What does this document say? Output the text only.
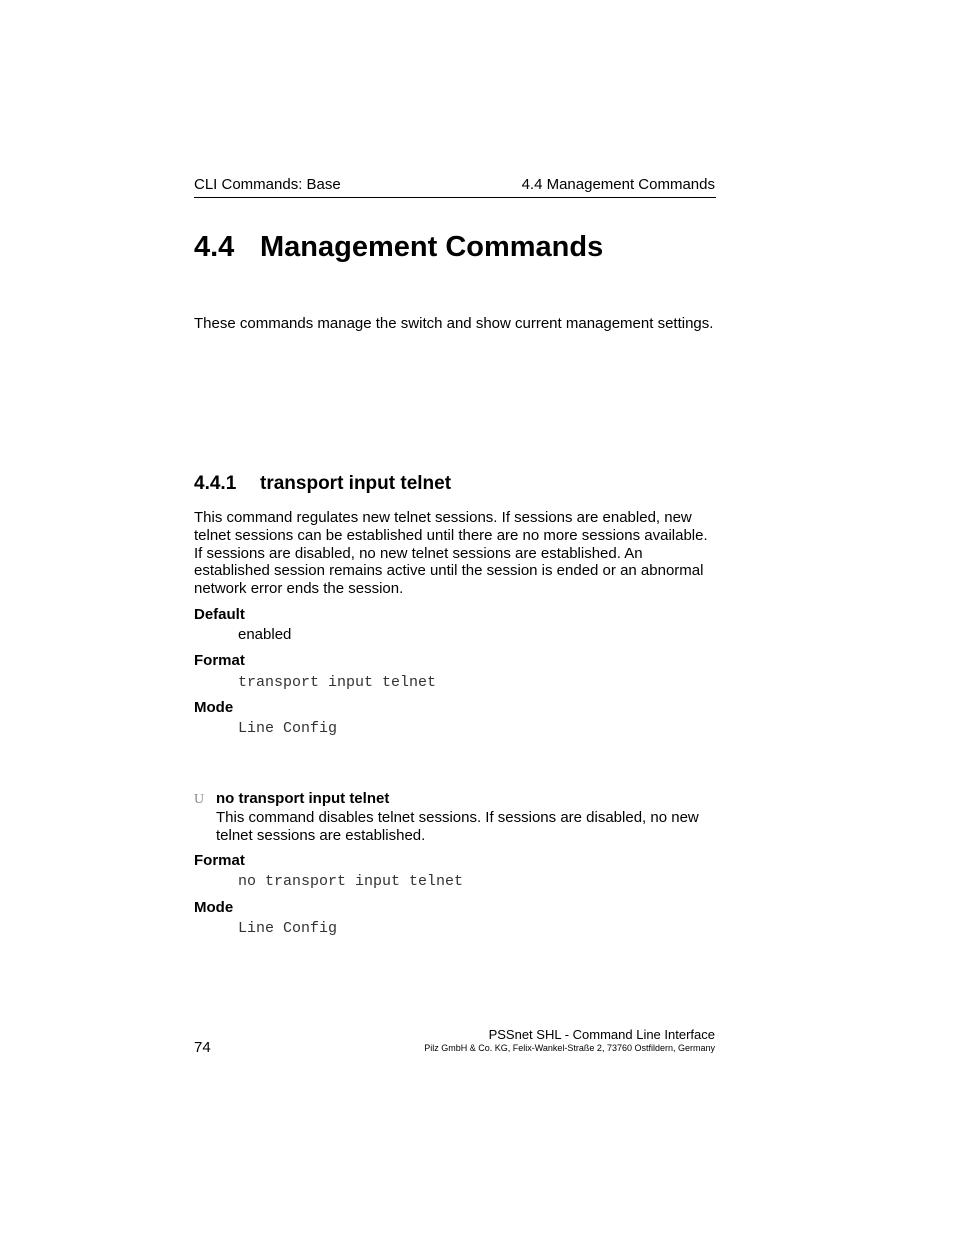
CLI Commands: Base	4.4 Management Commands
4.4 Management Commands

These commands manage the switch and show current management settings.

4.4.1 transport input telnet

This command regulates new telnet sessions. If sessions are enabled, new telnet sessions can be established until there are no more sessions available. If sessions are disabled, no new telnet sessions are established. An established session remains active until the session is ended or an abnormal network error ends the session.

Default
enabled
Format
transport input telnet
Mode
Line Config
U no transport input telnet

This command disables telnet sessions. If sessions are disabled, no new telnet sessions are established.

Format
no transport input telnet
Mode
Line Config
PSSnet SHL - Command Line Interface
Pilz GmbH & Co. KG, Felix-Wankel-Straße 2, 73760 Ostfildern, Germany
74
